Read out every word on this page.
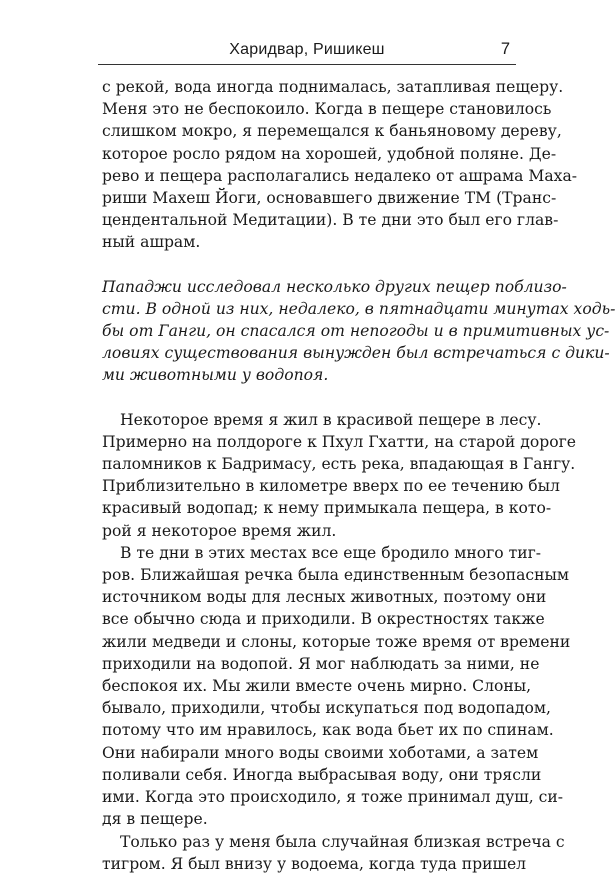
Харидвар, Ришикеш	7
с рекой, вода иногда поднималась, затапливая пещеру.
Меня это не беспокоило. Когда в пещере становилось
слишком мокро, я перемещался к баньяновому дереву,
которое росло рядом на хорошей, удобной поляне. Де-
рево и пещера располагались недалеко от ашрама Маха-
риши Махеш Йоги, основавшего движение ТМ (Транс-
цендентальной Медитации). В те дни это был его глав-
ный ашрам.
Пападжи исследовал несколько других пещер поблизо-
сти. В одной из них, недалеко, в пятнадцати минутах ходь-
бы от Ганги, он спасался от непогоды и в примитивных ус-
ловиях существования вынужден был встречаться с дики-
ми животными у водопоя.
Некоторое время я жил в красивой пещере в лесу.
Примерно на полдороге к Пхул Гхатти, на старой дороге
паломников к Бадримасу, есть река, впадающая в Гангу.
Приблизительно в километре вверх по ее течению был
красивый водопад; к нему примыкала пещера, в кото-
рой я некоторое время жил.
В те дни в этих местах все еще бродило много тиг-
ров. Ближайшая речка была единственным безопасным
источником воды для лесных животных, поэтому они
все обычно сюда и приходили. В окрестностях также
жили медведи и слоны, которые тоже время от времени
приходили на водопой. Я мог наблюдать за ними, не
беспокоя их. Мы жили вместе очень мирно. Слоны,
бывало, приходили, чтобы искупаться под водопадом,
потому что им нравилось, как вода бьет их по спинам.
Они набирали много воды своими хоботами, а затем
поливали себя. Иногда выбрасывая воду, они трясли
ими. Когда это происходило, я тоже принимал душ, си-
дя в пещере.
Только раз у меня была случайная близкая встреча с
тигром. Я был внизу у водоема, когда туда пришел
